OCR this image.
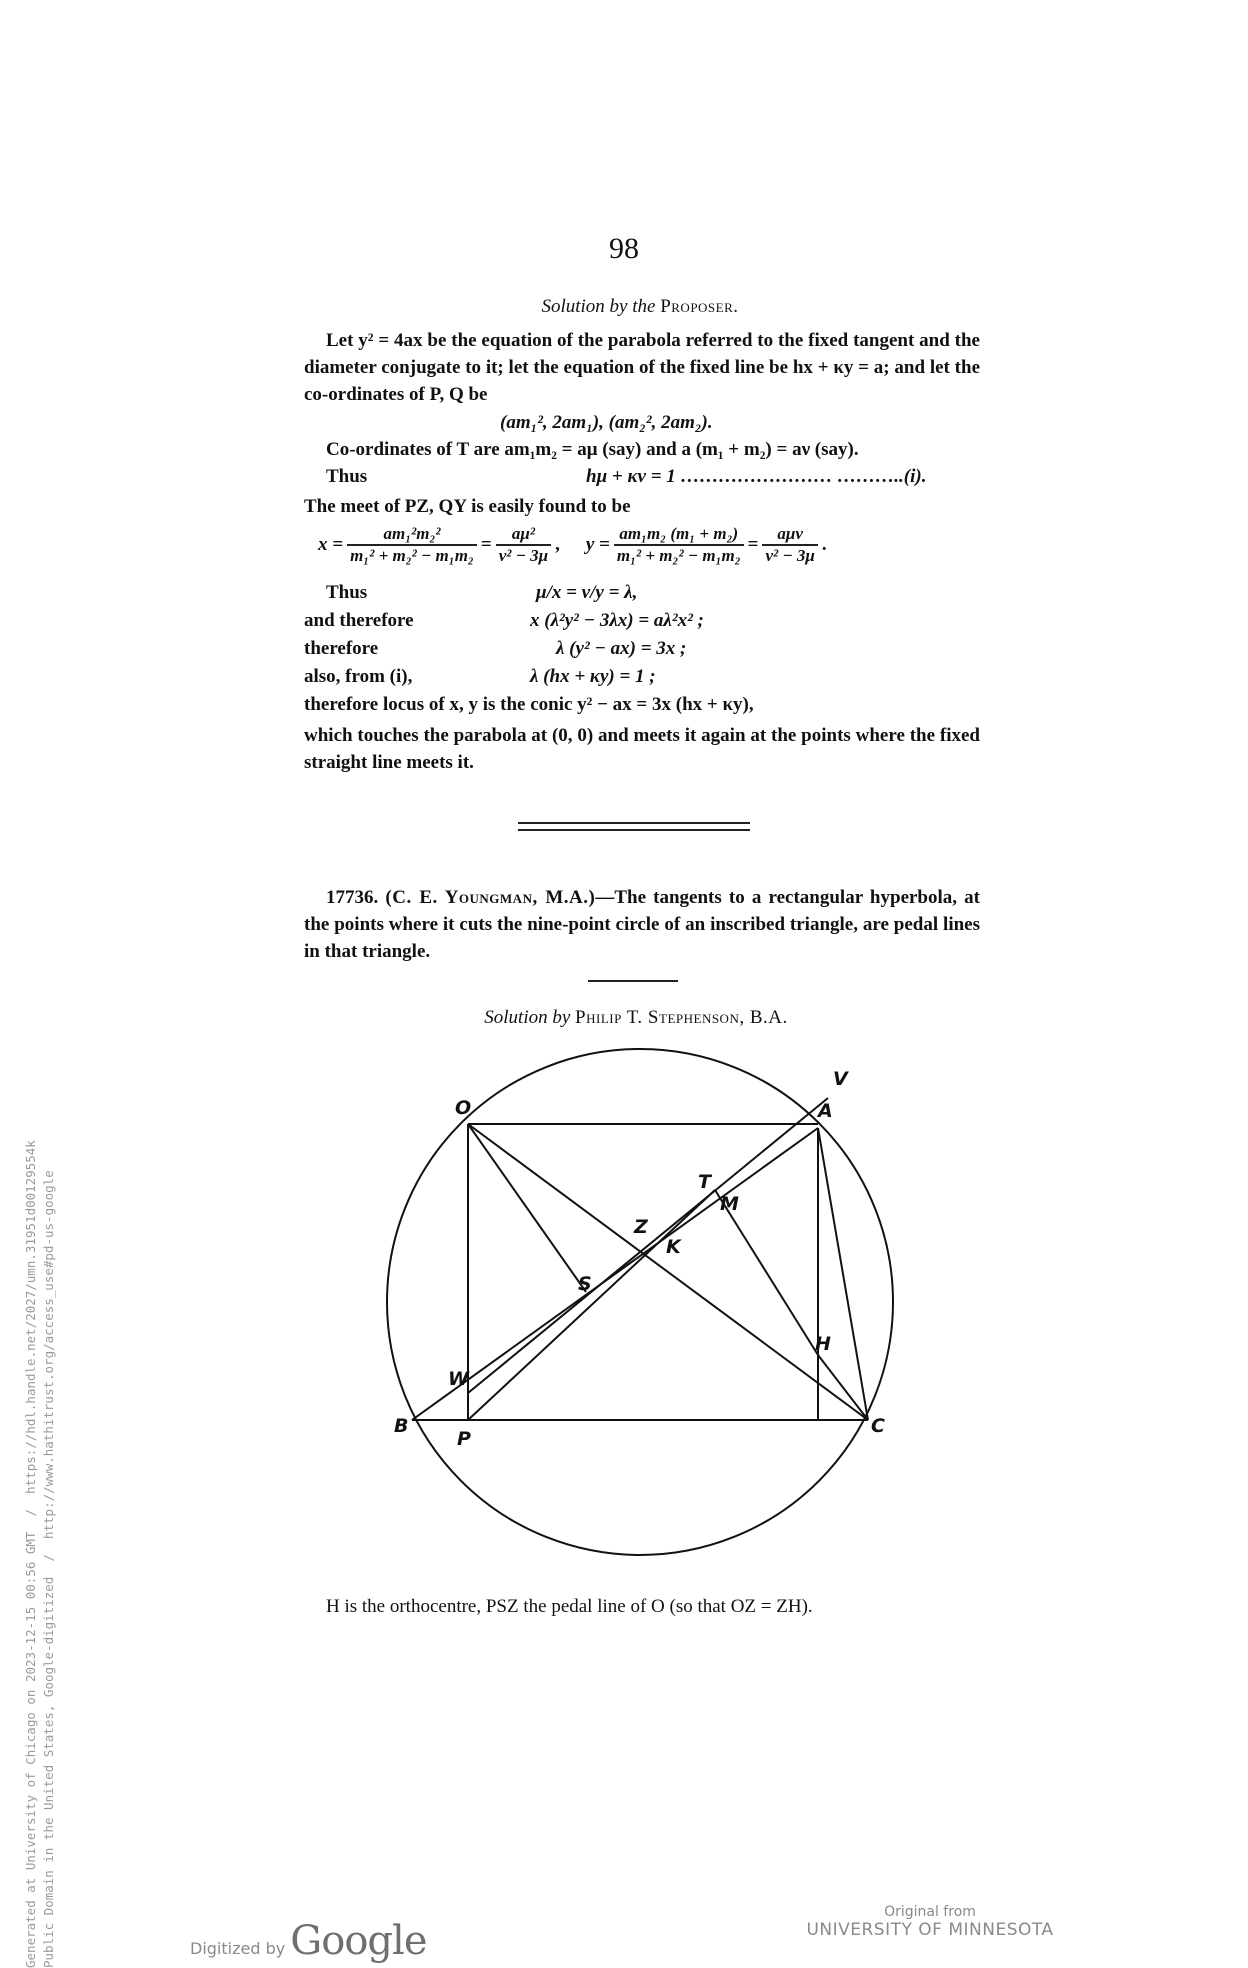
98
Solution by the Proposer.
Let y² = 4ax be the equation of the parabola referred to the fixed tangent and the diameter conjugate to it; let the equation of the fixed line be hx + κy = a; and let the co-ordinates of P, Q be
(am₁², 2am₁), (am₂², 2am₂).
Co-ordinates of T are am₁m₂ = aμ (say) and a (m₁ + m₂) = aν (say).
Thus	hμ + κν = 1 …………………… ………..(i).
The meet of PZ, QY is easily found to be
$x = \frac{\text{am₁²m₂²}}{\text{m₁² + m₂² − m₁m₂}} = \frac{\text{aμ²}}{\text{ν² − 3μ}}$ , $y = \frac{\text{am₁m₂ (m₁ + m₂)}}{\text{m₁² + m₂² − m₁m₂}} = \frac{\text{aμν}}{\text{ν² − 3μ}}$ .
Thus	μ/x = ν/y = λ,
and therefore	x (λ²y² − 3λx) = aλ²x² ;
therefore	λ (y² − ax) = 3x ;
also, from (i),	λ (hx + κy) = 1 ;
therefore locus of x, y is the conic y² − ax = 3x (hx + κy),
which touches the parabola at (0, 0) and meets it again at the points where the fixed straight line meets it.
17736. (C. E. Youngman, M.A.)—The tangents to a rectangular hyperbola, at the points where it cuts the nine-point circle of an inscribed triangle, are pedal lines in that triangle.
Solution by Philip T. Stephenson, B.A.
O
V
A
T
M
Z
K
S
H
W
B
P
C
H is the orthocentre, PSZ the pedal line of O (so that OZ = ZH).
Generated at University of Chicago on 2023-12-15 00:56 GMT  /  https://hdl.handle.net/2027/umn.31951d00129554k Public Domain in the United States, Google-digitized  /  http://www.hathitrust.org/access_use#pd-us-google	Digitized by Google
Original from
UNIVERSITY OF MINNESOTA
